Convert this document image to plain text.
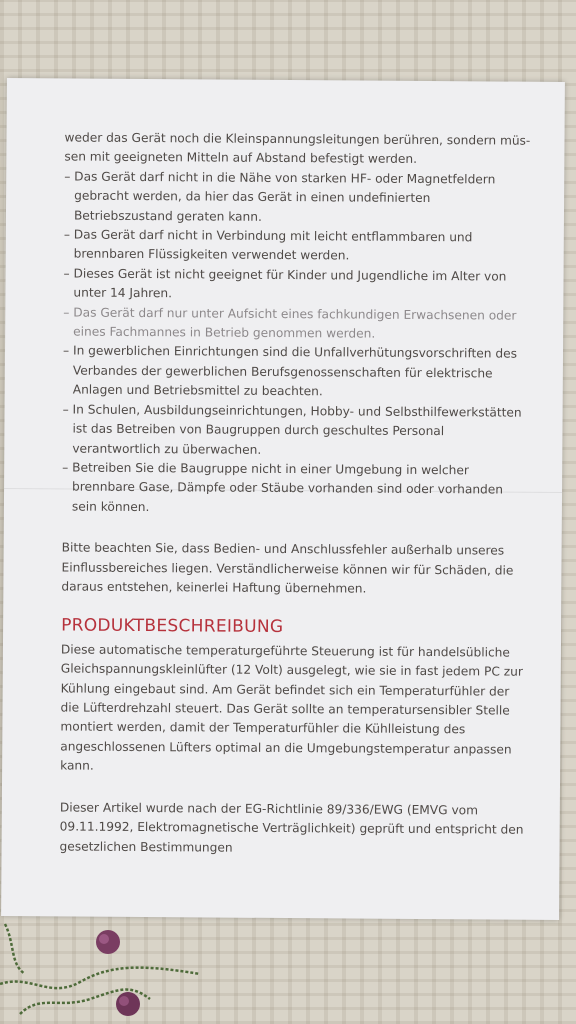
weder das Gerät noch die Kleinspannungsleitungen berühren, sondern müs-

sen mit geeigneten Mitteln auf Abstand befestigt werden.

– Das Gerät darf nicht in die Nähe von starken HF- oder Magnetfeldern gebracht werden, da hier das Gerät in einen undefinierten Betriebszustand geraten kann.

– Das Gerät darf nicht in Verbindung mit leicht entflammbaren und brennbaren Flüssigkeiten verwendet werden.

– Dieses Gerät ist nicht geeignet für Kinder und Jugendliche im Alter von unter 14 Jahren.

– Das Gerät darf nur unter Aufsicht eines fachkundigen Erwachsenen oder eines Fachmannes in Betrieb genommen werden.

– In gewerblichen Einrichtungen sind die Unfallverhütungsvorschriften des Verbandes der gewerblichen Berufsgenossenschaften für elektrische Anlagen und Betriebsmittel zu beachten.

– In Schulen, Ausbildungseinrichtungen, Hobby- und Selbsthilfewerkstätten ist das Betreiben von Baugruppen durch geschultes Personal verantwortlich zu überwachen.

– Betreiben Sie die Baugruppe nicht in einer Umgebung in welcher brennbare Gase, Dämpfe oder Stäube vorhanden sind oder vorhanden sein können.

Bitte beachten Sie, dass Bedien- und Anschlussfehler außerhalb unseres Einflussbereiches liegen. Verständlicherweise können wir für Schäden, die daraus entstehen, keinerlei Haftung übernehmen.

PRODUKTBESCHREIBUNG

Diese automatische temperaturgeführte Steuerung ist für handelsübliche Gleichspannungskleinlüfter (12 Volt) ausgelegt, wie sie in fast jedem PC zur Kühlung eingebaut sind. Am Gerät befindet sich ein Temperaturfühler der die Lüfterdrehzahl steuert. Das Gerät sollte an temperatursensibler Stelle montiert werden, damit der Temperaturfühler die Kühlleistung des angeschlossenen Lüfters optimal an die Umgebungstemperatur anpassen kann.

Dieser Artikel wurde nach der EG-Richtlinie 89/336/EWG (EMVG vom 09.11.1992, Elektromagnetische Verträglichkeit) geprüft und entspricht den gesetzlichen Bestimmungen
